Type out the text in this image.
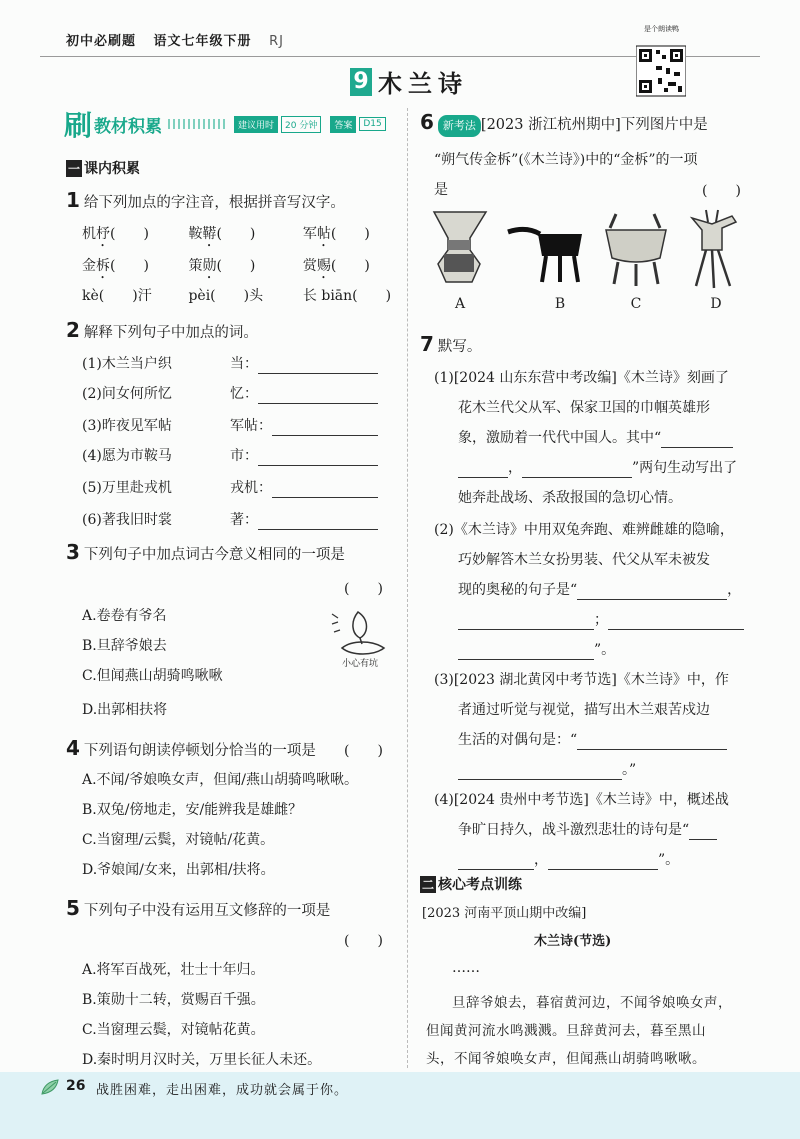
初中必刷题 语文七年级下册 RJ
是个朗读鸭
9 木兰诗
刷 教材积累	建议用时	20 分钟	答案	D15
一 课内积累
1 给下列加点的字注音，根据拼音写汉字。
机杼(　　)	鞍鞯(　　)	军帖(　　)
金柝(　　)	策勋(　　)	赏赐(　　)
kè(　　)汗	pèi(　　)头	长 biān(　　)
2 解释下列句子中加点的词。
(1)木兰当户织	当：
(2)问女何所忆	忆：
(3)昨夜见军帖	军帖：
(4)愿为市鞍马	市：
(5)万里赴戎机	戎机：
(6)著我旧时裳	著：
3 下列句子中加点词古今意义相同的一项是
(　　)
A.卷卷有爷名
B.旦辞爷娘去
C.但闻燕山胡骑鸣啾啾
D.出郭相扶将
小心有坑
4 下列语句朗读停顿划分恰当的一项是 (　　)
A.不闻/爷娘唤女声，但闻/燕山胡骑鸣啾啾。
B.双兔/傍地走，安/能辨我是雄雌？
C.当窗理/云鬓，对镜帖/花黄。
D.爷娘闻/女来，出郭相/扶将。
5 下列句子中没有运用互文修辞的一项是
(　　)
A.将军百战死，壮士十年归。
B.策勋十二转，赏赐百千强。
C.当窗理云鬓，对镜帖花黄。
D.秦时明月汉时关，万里长征人未还。
6 新考法 [2023 浙江杭州期中]下列图片中是
“朔气传金柝”(《木兰诗》)中的“金柝”的一项
是	(　　)
A	B	C	D
7 默写。
(1)[2024 山东东营中考改编]《木兰诗》刻画了
花木兰代父从军、保家卫国的巾帼英雄形
象，激励着一代代中国人。其中“
，	”两句生动写出了
她奔赴战场、杀敌报国的急切心情。
(2)《木兰诗》中用双兔奔跑、难辨雌雄的隐喻，
巧妙解答木兰女扮男装、代父从军未被发
现的奥秘的句子是“	，
；
”。
(3)[2023 湖北黄冈中考节选]《木兰诗》中，作
者通过听觉与视觉，描写出木兰艰苦戍边
生活的对偶句是：“
。”
(4)[2024 贵州中考节选]《木兰诗》中，概述战
争旷日持久，战斗激烈悲壮的诗句是“
，	”。
二 核心考点训练
[2023 河南平顶山期中改编]
木兰诗(节选)
……
旦辞爷娘去，暮宿黄河边，不闻爷娘唤女声，
但闻黄河流水鸣溅溅。旦辞黄河去，暮至黑山
头，不闻爷娘唤女声，但闻燕山胡骑鸣啾啾。
26 战胜困难，走出困难，成功就会属于你。
